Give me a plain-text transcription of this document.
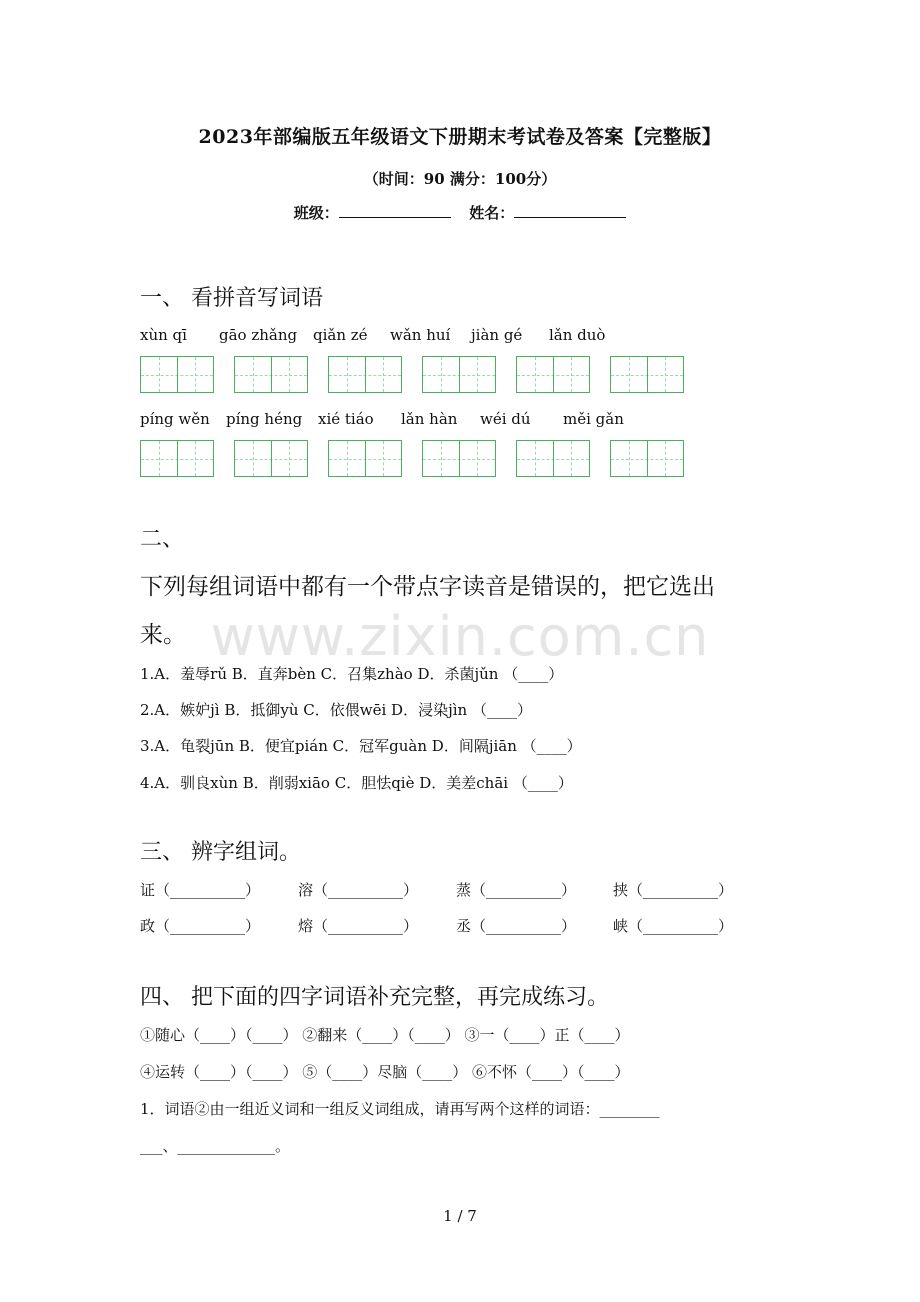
2023年部编版五年级语文下册期末考试卷及答案【完整版】
（时间：90 满分：100分）
班级：	姓名：
一、 看拼音写词语
xùn qī gāo zhǎng qiǎn zé wǎn huí jiàn gé lǎn duò
píng wěn píng héng xié tiáo lǎn hàn wéi dú měi gǎn
二、
下列每组词语中都有一个带点字读音是错误的，把它选出
来。 www.zixin.com.cn
1.A．羞辱rǔ B．直奔bèn C．召集zhào D．杀菌jǔn （____）
2.A．嫉妒jì B．抵御yù C．依偎wēi D．浸染jìn （____）
3.A．龟裂jūn B．便宜pián C．冠军guàn D．间隔jiān （____）
4.A．驯良xùn B．削弱xiāo C．胆怯qiè D．美差chāi （____）
三、 辨字组词。
证（__________）	溶（__________）	蒸（__________） 挟（__________）
政（__________）	熔（__________）	丞（__________） 峡（__________）
四、 把下面的四字词语补充完整，再完成练习。
①随心（____）（____） ②翻来（____）（____） ③一（____）正（____）
④运转（____）（____） ⑤（____）尽脑（____） ⑥不怀（____）（____）
1．词语②由一组近义词和一组反义词组成，请再写两个这样的词语：________
___、_____________。
1 / 7
